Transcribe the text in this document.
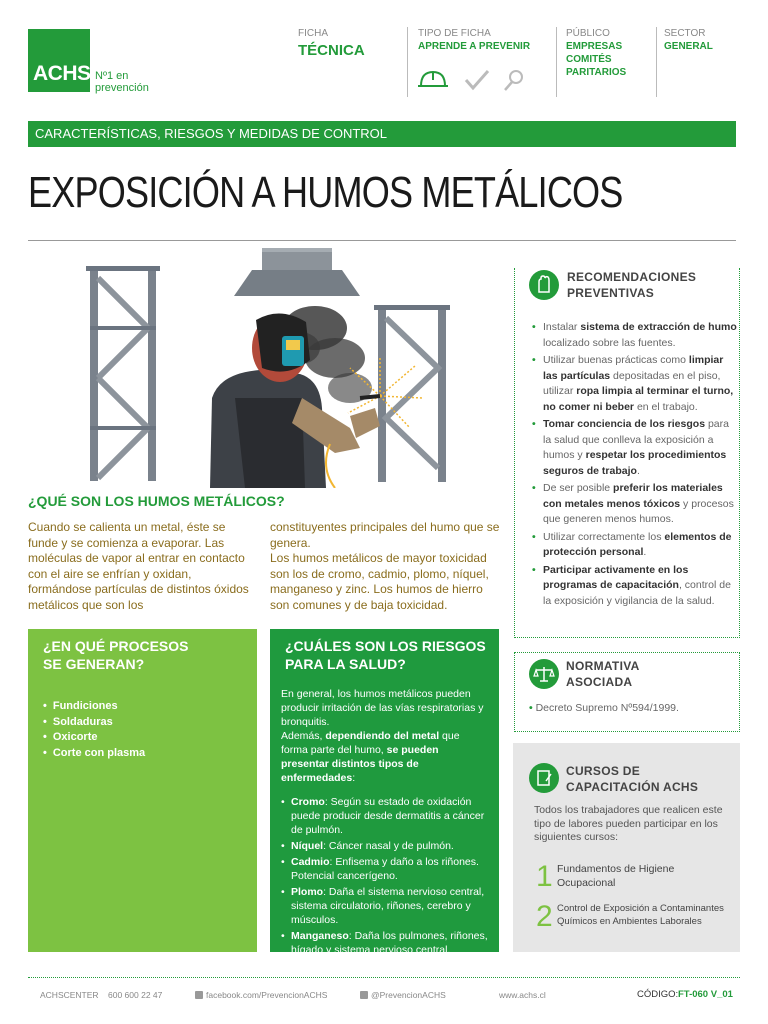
ACHS Nº1 en prevención
FICHA
TÉCNICA
TIPO DE FICHA
APRENDE A PREVENIR
PÚBLICO
EMPRESAS
COMITÉS
PARITARIOS
SECTOR
GENERAL
CARACTERÍSTICAS, RIESGOS Y MEDIDAS DE CONTROL
EXPOSICIÓN A HUMOS METÁLICOS
¿QUÉ SON LOS HUMOS METÁLICOS?

Cuando se calienta un metal, éste se funde y se comienza a evaporar. Las moléculas de vapor al entrar en contacto con el aire se enfrían y oxidan, formándose partículas de distintos óxidos metálicos que son los

constituyentes principales del humo que se genera.

Los humos metálicos de mayor toxicidad son los de cromo, cadmio, plomo, níquel, manganeso y zinc. Los humos de hierro son comunes y de baja toxicidad.

¿EN QUÉ PROCESOS
SE GENERAN?
• Fundiciones
• Soldaduras
• Oxicorte
• Corte con plasma
¿CUÁLES SON LOS RIESGOS
PARA LA SALUD?
En general, los humos metálicos pueden producir irritación de las vías respiratorias y bronquitis.
Además, dependiendo del metal que forma parte del humo, se pueden presentar distintos tipos de enfermedades:
• Cromo: Según su estado de oxidación puede producir desde dermatitis a cáncer de pulmón.
• Níquel: Cáncer nasal y de pulmón.
• Cadmio: Enfisema y daño a los riñones. Potencial cancerígeno.
• Plomo: Daña el sistema nervioso central, sistema circulatorio, riñones, cerebro y músculos.
• Manganeso: Daña los pulmones, riñones, hígado y sistema nervioso central.
RECOMENDACIONES
PREVENTIVAS
• Instalar sistema de extracción de humo localizado sobre las fuentes.
• Utilizar buenas prácticas como limpiar las partículas depositadas en el piso, utilizar ropa limpia al terminar el turno, no comer ni beber en el trabajo.
• Tomar conciencia de los riesgos para la salud que conlleva la exposición a humos y respetar los procedimientos seguros de trabajo.
• De ser posible preferir los materiales con metales menos tóxicos y procesos que generen menos humos.
• Utilizar correctamente los elementos de protección personal.
• Participar activamente en los programas de capacitación, control de la exposición y vigilancia de la salud.
NORMATIVA
ASOCIADA
• Decreto Supremo Nº594/1999.
CURSOS DE
CAPACITACIÓN ACHS
Todos los trabajadores que realicen este tipo de labores pueden participar en los siguientes cursos:
1 Fundamentos de Higiene Ocupacional
2 Control de Exposición a Contaminantes Químicos en Ambientes Laborales
ACHSCENTER 600 600 22 47	facebook.com/PrevencionACHS	@PrevencionACHS	www.achs.cl	CÓDIGO: FT-060 V_01
